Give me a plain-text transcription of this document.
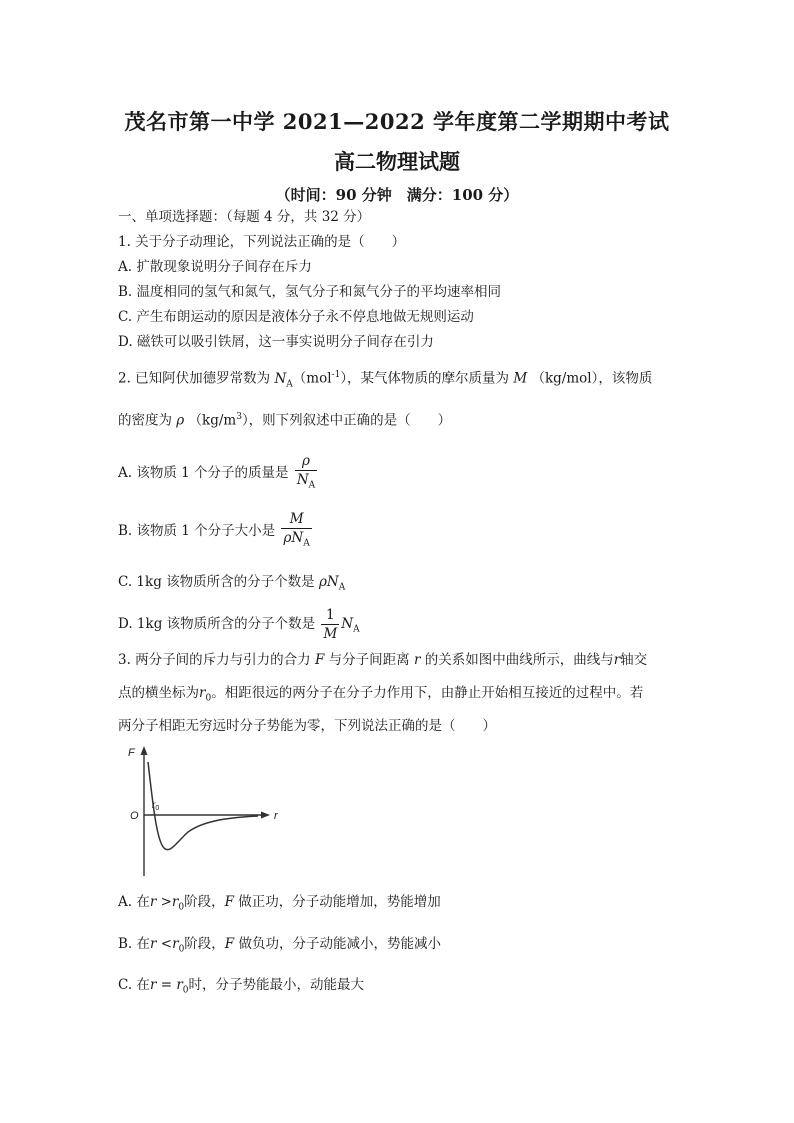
茂名市第一中学 2021—2022 学年度第二学期期中考试
高二物理试题
（时间：90 分钟　满分：100 分）
一、单项选择题：（每题 4 分，共 32 分）
1. 关于分子动理论，下列说法正确的是（　　）
A. 扩散现象说明分子间存在斥力
B. 温度相同的氢气和氮气，氢气分子和氮气分子的平均速率相同
C. 产生布朗运动的原因是液体分子永不停息地做无规则运动
D. 磁铁可以吸引铁屑，这一事实说明分子间存在引力
2. 已知阿伏加德罗常数为 $N_A(mol^{-1})$，某气体物质的摩尔质量为 M （kg/mol），该物质
的密度为 ρ $(kg/m^3)$，则下列叙述中正确的是（　　）
A. 该物质 1 个分子的质量是 $\frac{\rho}{N_A}$
B. 该物质 1 个分子大小是 $\frac{M}{\rho N_A}$
C. 1kg 该物质所含的分子个数是 $\rho N_A$
D. 1kg 该物质所含的分子个数是 $\frac{1}{M} N_A$
3. 两分子间的斥力与引力的合力 F 与分子间距离 r 的关系如图中曲线所示，曲线与r轴交
点的横坐标为$r_0$。相距很远的两分子在分子力作用下，由静止开始相互接近的过程中。若
两分子相距无穷远时分子势能为零，下列说法正确的是（　　）
F
r
O
$r_0$
A. 在$r >r_0$阶段，F 做正功，分子动能增加，势能增加
B. 在$r <r_0$阶段，F 做负功，分子动能减小，势能减小
C. 在$r = r_0$时，分子势能最小，动能最大
